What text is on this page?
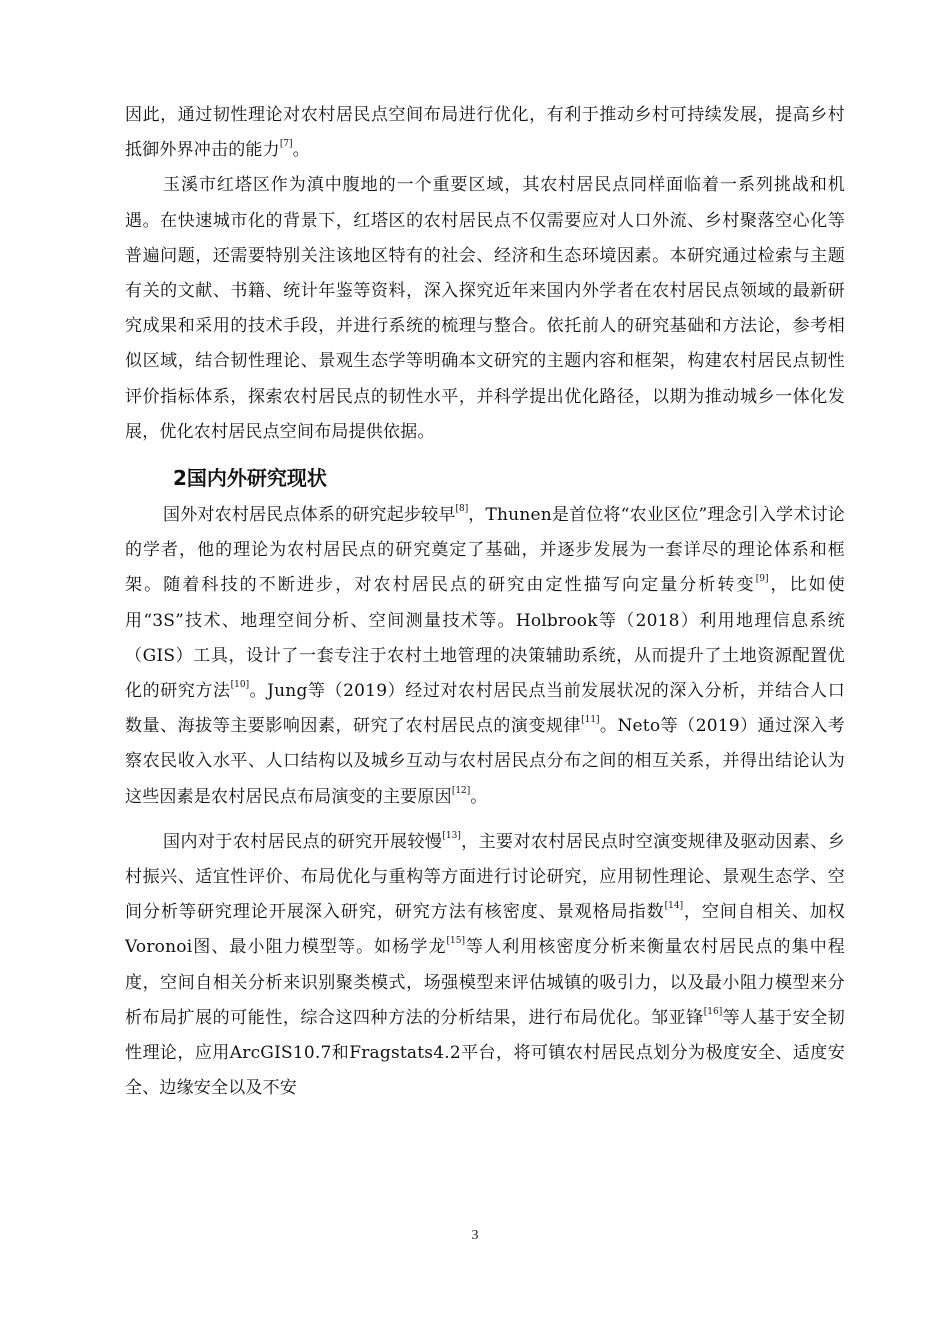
因此，通过韧性理论对农村居民点空间布局进行优化，有利于推动乡村可持续发展，提高乡村抵御外界冲击的能力[7]。

玉溪市红塔区作为滇中腹地的一个重要区域，其农村居民点同样面临着一系列挑战和机遇。在快速城市化的背景下，红塔区的农村居民点不仅需要应对人口外流、乡村聚落空心化等普遍问题，还需要特别关注该地区特有的社会、经济和生态环境因素。本研究通过检索与主题有关的文献、书籍、统计年鉴等资料，深入探究近年来国内外学者在农村居民点领域的最新研究成果和采用的技术手段，并进行系统的梳理与整合。依托前人的研究基础和方法论，参考相似区域，结合韧性理论、景观生态学等明确本文研究的主题内容和框架，构建农村居民点韧性评价指标体系，探索农村居民点的韧性水平，并科学提出优化路径，以期为推动城乡一体化发展，优化农村居民点空间布局提供依据。

2国内外研究现状

国外对农村居民点体系的研究起步较早[8]，Thunen是首位将“农业区位”理念引入学术讨论的学者，他的理论为农村居民点的研究奠定了基础，并逐步发展为一套详尽的理论体系和框架。随着科技的不断进步，对农村居民点的研究由定性描写向定量分析转变[9]，比如使用“3S”技术、地理空间分析、空间测量技术等。Holbrook等（2018）利用地理信息系统（GIS）工具，设计了一套专注于农村土地管理的决策辅助系统，从而提升了土地资源配置优化的研究方法[10]。Jung等（2019）经过对农村居民点当前发展状况的深入分析，并结合人口数量、海拔等主要影响因素，研究了农村居民点的演变规律[11]。Neto等（2019）通过深入考察农民收入水平、人口结构以及城乡互动与农村居民点分布之间的相互关系，并得出结论认为这些因素是农村居民点布局演变的主要原因[12]。

国内对于农村居民点的研究开展较慢[13]，主要对农村居民点时空演变规律及驱动因素、乡村振兴、适宜性评价、布局优化与重构等方面进行讨论研究，应用韧性理论、景观生态学、空间分析等研究理论开展深入研究，研究方法有核密度、景观格局指数[14]，空间自相关、加权Voronoi图、最小阻力模型等。如杨学龙[15]等人利用核密度分析来衡量农村居民点的集中程度，空间自相关分析来识别聚类模式，场强模型来评估城镇的吸引力，以及最小阻力模型来分析布局扩展的可能性，综合这四种方法的分析结果，进行布局优化。邹亚锋[16]等人基于安全韧性理论，应用ArcGIS10.7和Fragstats4.2平台，将可镇农村居民点划分为极度安全、适度安全、边缘安全以及不安

3
